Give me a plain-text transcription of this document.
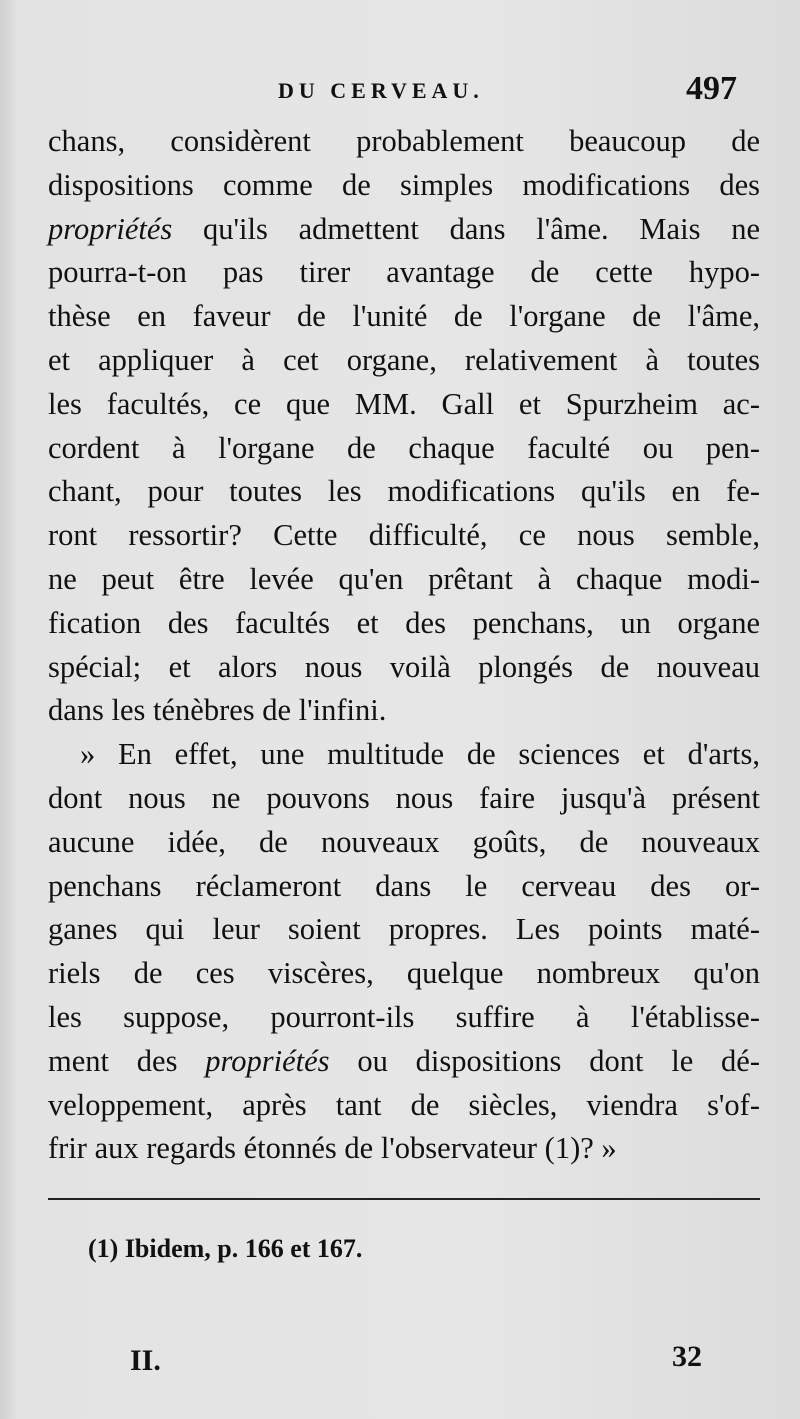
DU CERVEAU.	497
chans, considèrent probablement beaucoup de
dispositions comme de simples modifications des
propriétés qu'ils admettent dans l'âme. Mais ne
pourra-t-on pas tirer avantage de cette hypo-
thèse en faveur de l'unité de l'organe de l'âme,
et appliquer à cet organe, relativement à toutes
les facultés, ce que MM. Gall et Spurzheim ac-
cordent à l'organe de chaque faculté ou pen-
chant, pour toutes les modifications qu'ils en fe-
ront ressortir? Cette difficulté, ce nous semble,
ne peut être levée qu'en prêtant à chaque modi-
fication des facultés et des penchans, un organe
spécial; et alors nous voilà plongés de nouveau
dans les ténèbres de l'infini.
» En effet, une multitude de sciences et d'arts,
dont nous ne pouvons nous faire jusqu'à présent
aucune idée, de nouveaux goûts, de nouveaux
penchans réclameront dans le cerveau des or-
ganes qui leur soient propres. Les points maté-
riels de ces viscères, quelque nombreux qu'on
les suppose, pourront-ils suffire à l'établisse-
ment des propriétés ou dispositions dont le dé-
veloppement, après tant de siècles, viendra s'of-
frir aux regards étonnés de l'observateur (1)? »
(1) Ibidem, p. 166 et 167.
II.	32
